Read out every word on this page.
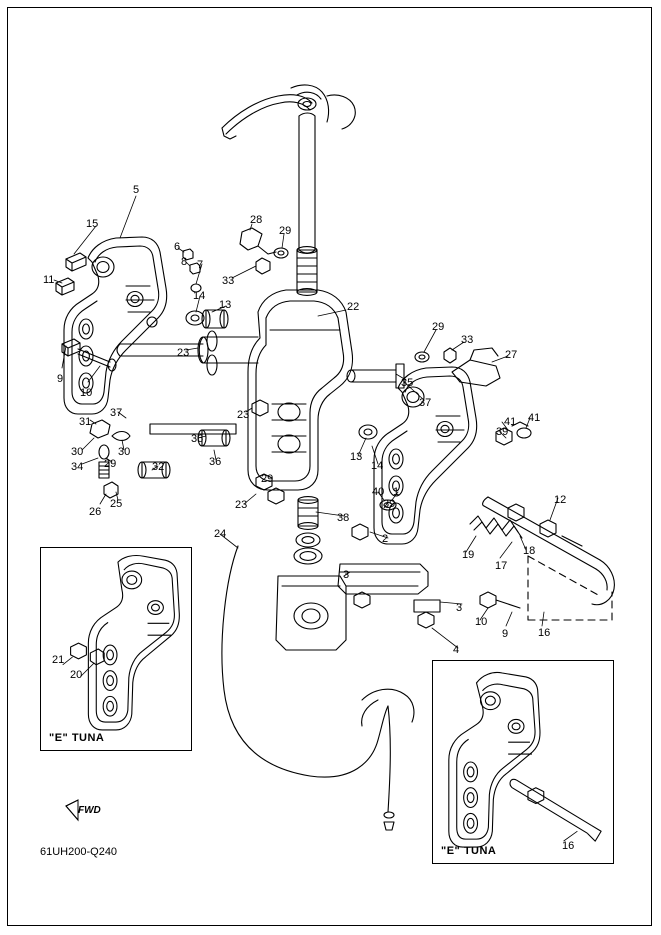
"E" TUNA
21
20
"E" TUNA	16
FWD
61UH200-Q240
5
15	28
29
6
8 7
11	33
14
13	22
29
33
27
9
10
23
35
37
31
37	23
41 41
39
30
34
30
29
36
36	13
14
26
25
32
23	39
40 1
12
38
2
19
17
18
24
3
3
10
9	16
4
29
